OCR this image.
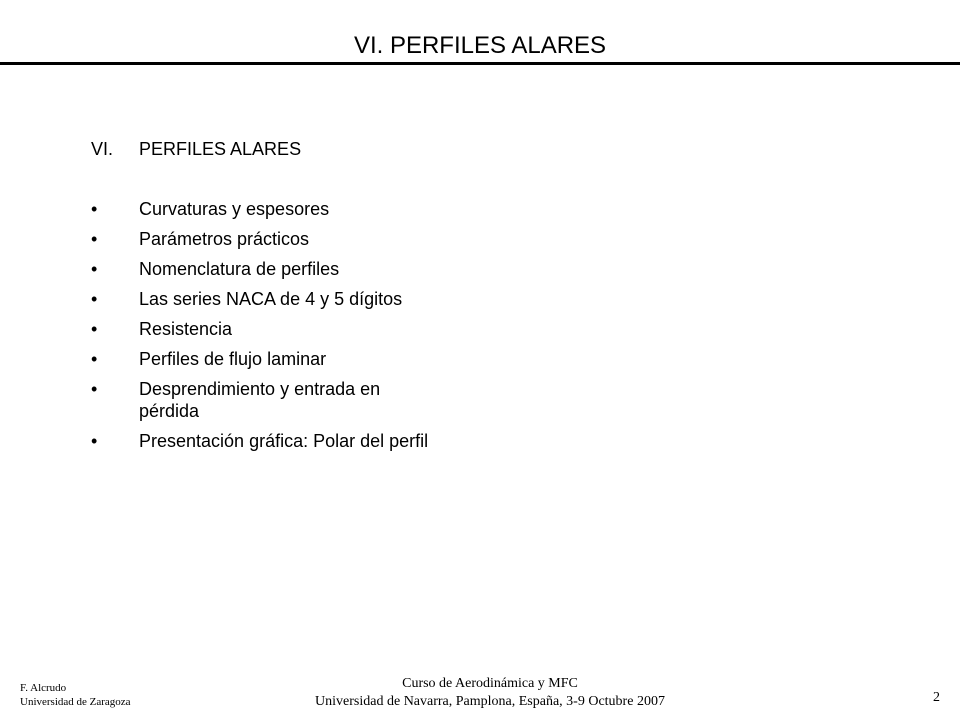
VI. PERFILES ALARES
VI. PERFILES ALARES
• Curvaturas y espesores
• Parámetros prácticos
• Nomenclatura de perfiles
• Las series NACA de 4 y 5 dígitos
• Resistencia
• Perfiles de flujo laminar
• Desprendimiento y entrada en pérdida
• Presentación gráfica: Polar del perfil
F. Alcrudo
Universidad de Zaragoza
Curso de Aerodinámica y MFC
Universidad de Navarra, Pamplona, España, 3-9 Octubre 2007	2
